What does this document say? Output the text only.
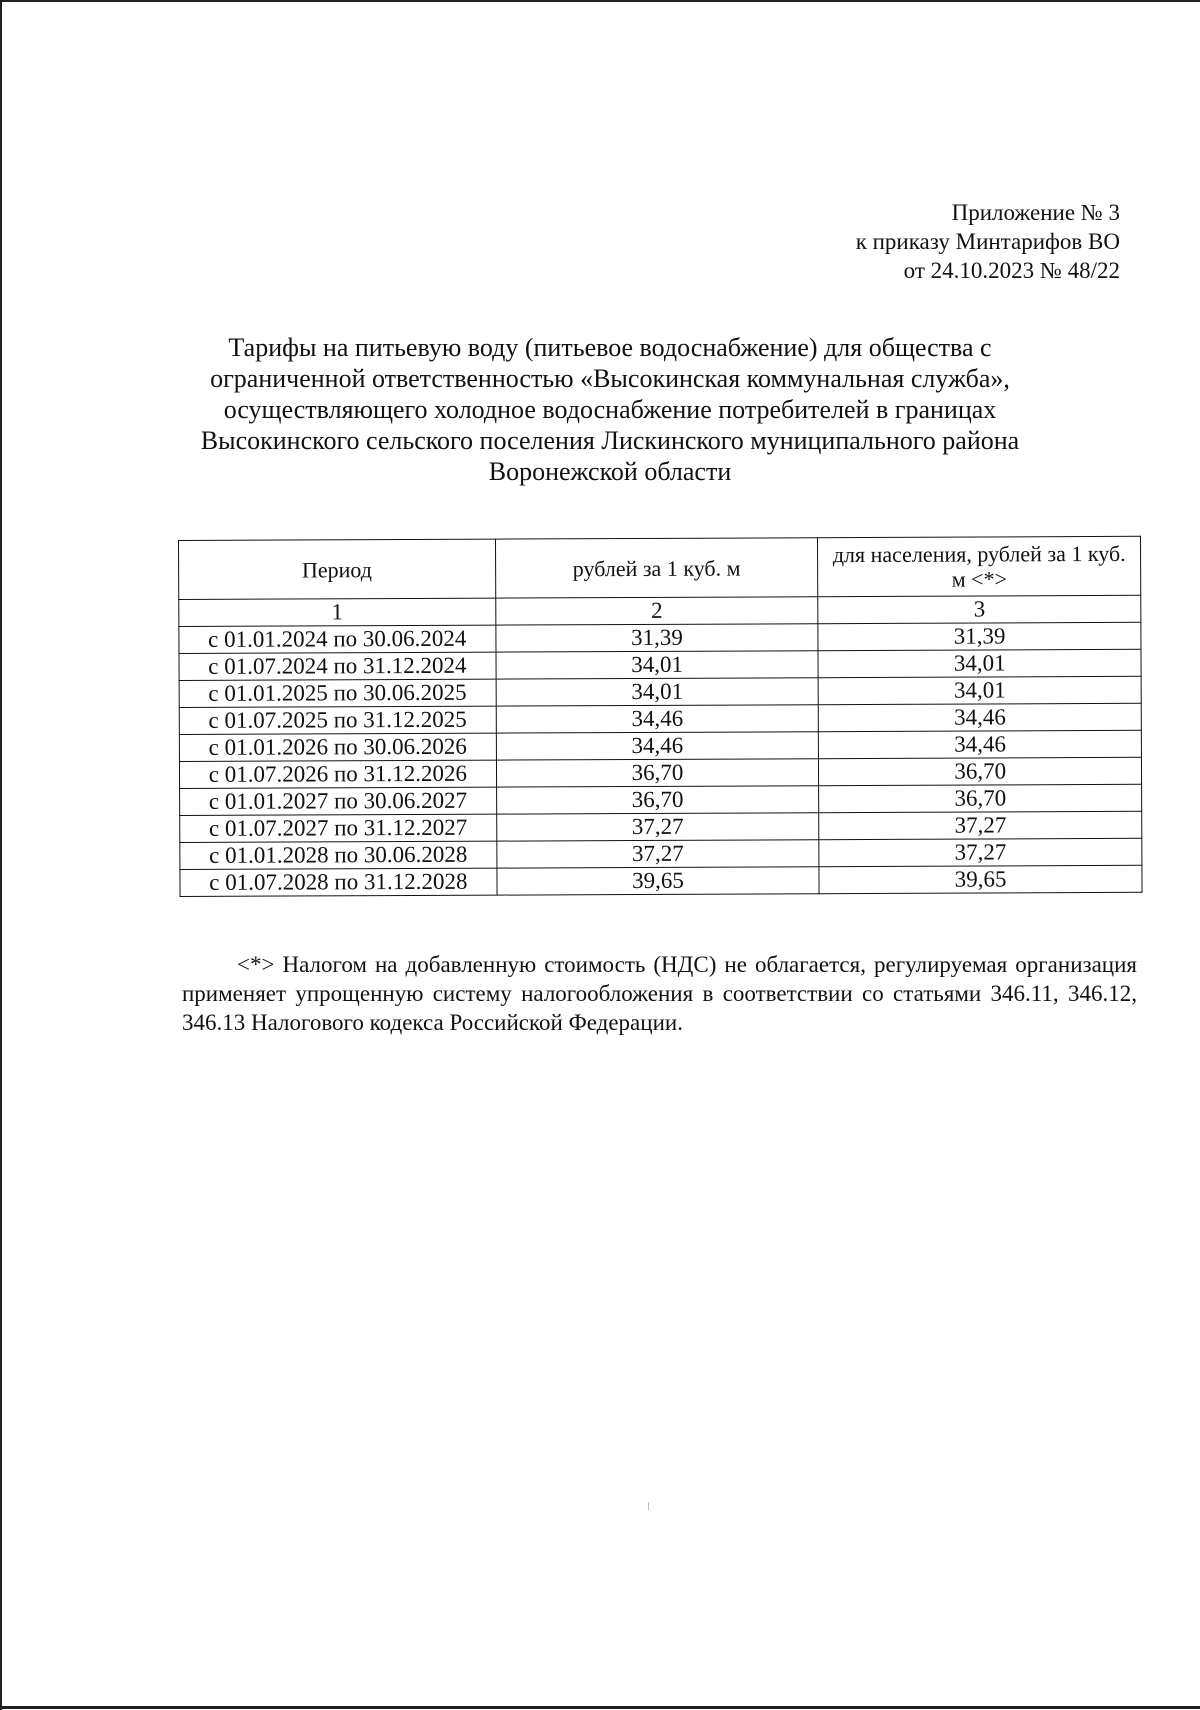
Приложение № 3
к приказу Минтарифов ВО
от 24.10.2023 № 48/22
Тарифы на питьевую воду (питьевое водоснабжение) для общества с
ограниченной ответственностью «Высокинская коммунальная служба»,
осуществляющего холодное водоснабжение потребителей в границах
Высокинского сельского поселения Лискинского муниципального района
Воронежской области
Период	рублей за 1 куб. м	для населения, рублей за 1 куб. м <*>
1	2	3
с 01.01.2024 по 30.06.2024	31,39	31,39
с 01.07.2024 по 31.12.2024	34,01	34,01
с 01.01.2025 по 30.06.2025	34,01	34,01
с 01.07.2025 по 31.12.2025	34,46	34,46
с 01.01.2026 по 30.06.2026	34,46	34,46
с 01.07.2026 по 31.12.2026	36,70	36,70
с 01.01.2027 по 30.06.2027	36,70	36,70
с 01.07.2027 по 31.12.2027	37,27	37,27
с 01.01.2028 по 30.06.2028	37,27	37,27
с 01.07.2028 по 31.12.2028	39,65	39,65
<*> Налогом на добавленную стоимость (НДС) не облагается, регулируемая организация применяет упрощенную систему налогообложения в соответствии со статьями 346.11, 346.12, 346.13 Налогового кодекса Российской Федерации.
